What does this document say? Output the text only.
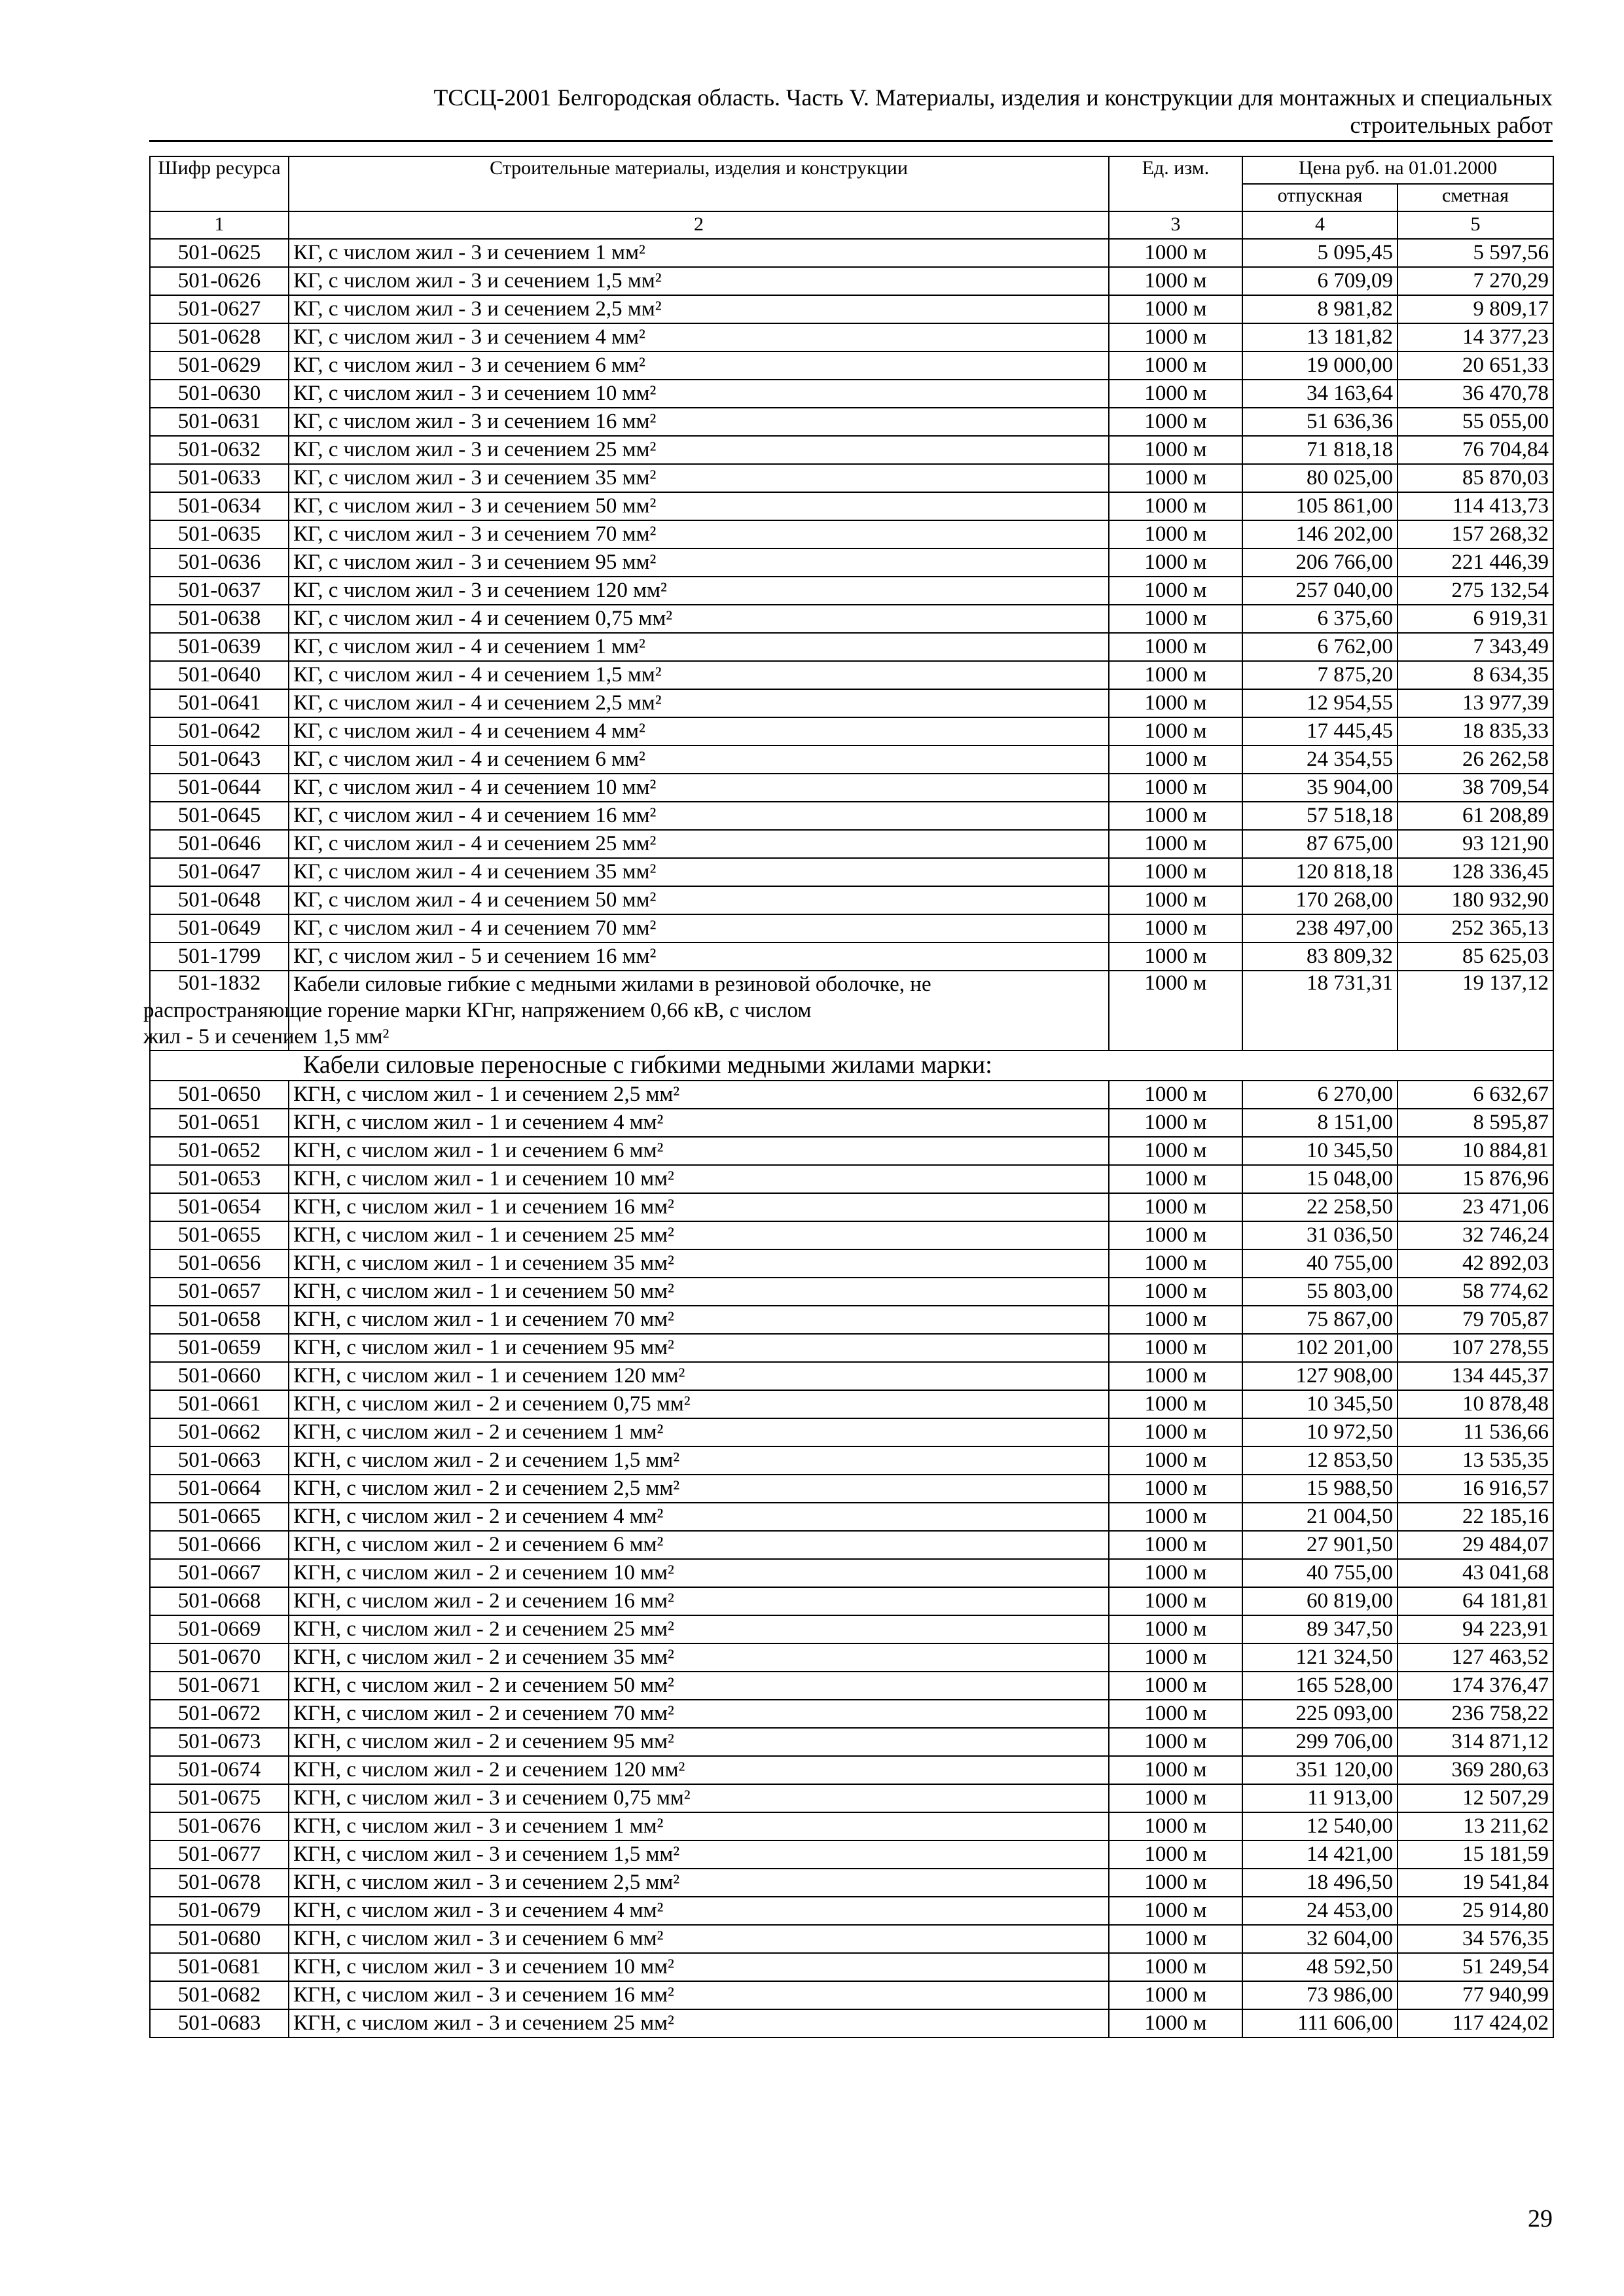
ТССЦ-2001 Белгородская область. Часть V. Материалы, изделия и конструкции для монтажных и специальных
строительных работ
Шифр ресурса	Строительные материалы, изделия и конструкции	Ед. изм.	Цена руб. на 01.01.2000	
			отпускная	сметная
1	2	3	4	5
501-0625	КГ, с числом жил - 3 и сечением 1 мм²	1000 м	5 095,45	5 597,56
501-0626	КГ, с числом жил - 3 и сечением 1,5 мм²	1000 м	6 709,09	7 270,29
501-0627	КГ, с числом жил - 3 и сечением 2,5 мм²	1000 м	8 981,82	9 809,17
501-0628	КГ, с числом жил - 3 и сечением 4 мм²	1000 м	13 181,82	14 377,23
501-0629	КГ, с числом жил - 3 и сечением 6 мм²	1000 м	19 000,00	20 651,33
501-0630	КГ, с числом жил - 3 и сечением 10 мм²	1000 м	34 163,64	36 470,78
501-0631	КГ, с числом жил - 3 и сечением 16 мм²	1000 м	51 636,36	55 055,00
501-0632	КГ, с числом жил - 3 и сечением 25 мм²	1000 м	71 818,18	76 704,84
501-0633	КГ, с числом жил - 3 и сечением 35 мм²	1000 м	80 025,00	85 870,03
501-0634	КГ, с числом жил - 3 и сечением 50 мм²	1000 м	105 861,00	114 413,73
501-0635	КГ, с числом жил - 3 и сечением 70 мм²	1000 м	146 202,00	157 268,32
501-0636	КГ, с числом жил - 3 и сечением 95 мм²	1000 м	206 766,00	221 446,39
501-0637	КГ, с числом жил - 3 и сечением 120 мм²	1000 м	257 040,00	275 132,54
501-0638	КГ, с числом жил - 4 и сечением 0,75 мм²	1000 м	6 375,60	6 919,31
501-0639	КГ, с числом жил - 4 и сечением 1 мм²	1000 м	6 762,00	7 343,49
501-0640	КГ, с числом жил - 4 и сечением 1,5 мм²	1000 м	7 875,20	8 634,35
501-0641	КГ, с числом жил - 4 и сечением 2,5 мм²	1000 м	12 954,55	13 977,39
501-0642	КГ, с числом жил - 4 и сечением 4 мм²	1000 м	17 445,45	18 835,33
501-0643	КГ, с числом жил - 4 и сечением 6 мм²	1000 м	24 354,55	26 262,58
501-0644	КГ, с числом жил - 4 и сечением 10 мм²	1000 м	35 904,00	38 709,54
501-0645	КГ, с числом жил - 4 и сечением 16 мм²	1000 м	57 518,18	61 208,89
501-0646	КГ, с числом жил - 4 и сечением 25 мм²	1000 м	87 675,00	93 121,90
501-0647	КГ, с числом жил - 4 и сечением 35 мм²	1000 м	120 818,18	128 336,45
501-0648	КГ, с числом жил - 4 и сечением 50 мм²	1000 м	170 268,00	180 932,90
501-0649	КГ, с числом жил - 4 и сечением 70 мм²	1000 м	238 497,00	252 365,13
501-1799	КГ, с числом жил - 5 и сечением 16 мм²	1000 м	83 809,32	85 625,03
501-1832	Кабели силовые гибкие с медными жилами в резиновой оболочке, не
распространяющие горение марки КГнг, напряжением 0,66 кВ, с числом
жил - 5 и сечением 1,5 мм²	1000 м	18 731,31	19 137,12
Кабели силовые переносные с гибкими медными жилами марки:				
501-0650	КГН, с числом жил - 1 и сечением 2,5 мм²	1000 м	6 270,00	6 632,67
501-0651	КГН, с числом жил - 1 и сечением 4 мм²	1000 м	8 151,00	8 595,87
501-0652	КГН, с числом жил - 1 и сечением 6 мм²	1000 м	10 345,50	10 884,81
501-0653	КГН, с числом жил - 1 и сечением 10 мм²	1000 м	15 048,00	15 876,96
501-0654	КГН, с числом жил - 1 и сечением 16 мм²	1000 м	22 258,50	23 471,06
501-0655	КГН, с числом жил - 1 и сечением 25 мм²	1000 м	31 036,50	32 746,24
501-0656	КГН, с числом жил - 1 и сечением 35 мм²	1000 м	40 755,00	42 892,03
501-0657	КГН, с числом жил - 1 и сечением 50 мм²	1000 м	55 803,00	58 774,62
501-0658	КГН, с числом жил - 1 и сечением 70 мм²	1000 м	75 867,00	79 705,87
501-0659	КГН, с числом жил - 1 и сечением 95 мм²	1000 м	102 201,00	107 278,55
501-0660	КГН, с числом жил - 1 и сечением 120 мм²	1000 м	127 908,00	134 445,37
501-0661	КГН, с числом жил - 2 и сечением 0,75 мм²	1000 м	10 345,50	10 878,48
501-0662	КГН, с числом жил - 2 и сечением 1 мм²	1000 м	10 972,50	11 536,66
501-0663	КГН, с числом жил - 2 и сечением 1,5 мм²	1000 м	12 853,50	13 535,35
501-0664	КГН, с числом жил - 2 и сечением 2,5 мм²	1000 м	15 988,50	16 916,57
501-0665	КГН, с числом жил - 2 и сечением 4 мм²	1000 м	21 004,50	22 185,16
501-0666	КГН, с числом жил - 2 и сечением 6 мм²	1000 м	27 901,50	29 484,07
501-0667	КГН, с числом жил - 2 и сечением 10 мм²	1000 м	40 755,00	43 041,68
501-0668	КГН, с числом жил - 2 и сечением 16 мм²	1000 м	60 819,00	64 181,81
501-0669	КГН, с числом жил - 2 и сечением 25 мм²	1000 м	89 347,50	94 223,91
501-0670	КГН, с числом жил - 2 и сечением 35 мм²	1000 м	121 324,50	127 463,52
501-0671	КГН, с числом жил - 2 и сечением 50 мм²	1000 м	165 528,00	174 376,47
501-0672	КГН, с числом жил - 2 и сечением 70 мм²	1000 м	225 093,00	236 758,22
501-0673	КГН, с числом жил - 2 и сечением 95 мм²	1000 м	299 706,00	314 871,12
501-0674	КГН, с числом жил - 2 и сечением 120 мм²	1000 м	351 120,00	369 280,63
501-0675	КГН, с числом жил - 3 и сечением 0,75 мм²	1000 м	11 913,00	12 507,29
501-0676	КГН, с числом жил - 3 и сечением 1 мм²	1000 м	12 540,00	13 211,62
501-0677	КГН, с числом жил - 3 и сечением 1,5 мм²	1000 м	14 421,00	15 181,59
501-0678	КГН, с числом жил - 3 и сечением 2,5 мм²	1000 м	18 496,50	19 541,84
501-0679	КГН, с числом жил - 3 и сечением 4 мм²	1000 м	24 453,00	25 914,80
501-0680	КГН, с числом жил - 3 и сечением 6 мм²	1000 м	32 604,00	34 576,35
501-0681	КГН, с числом жил - 3 и сечением 10 мм²	1000 м	48 592,50	51 249,54
501-0682	КГН, с числом жил - 3 и сечением 16 мм²	1000 м	73 986,00	77 940,99
501-0683	КГН, с числом жил - 3 и сечением 25 мм²	1000 м	111 606,00	117 424,02
29
